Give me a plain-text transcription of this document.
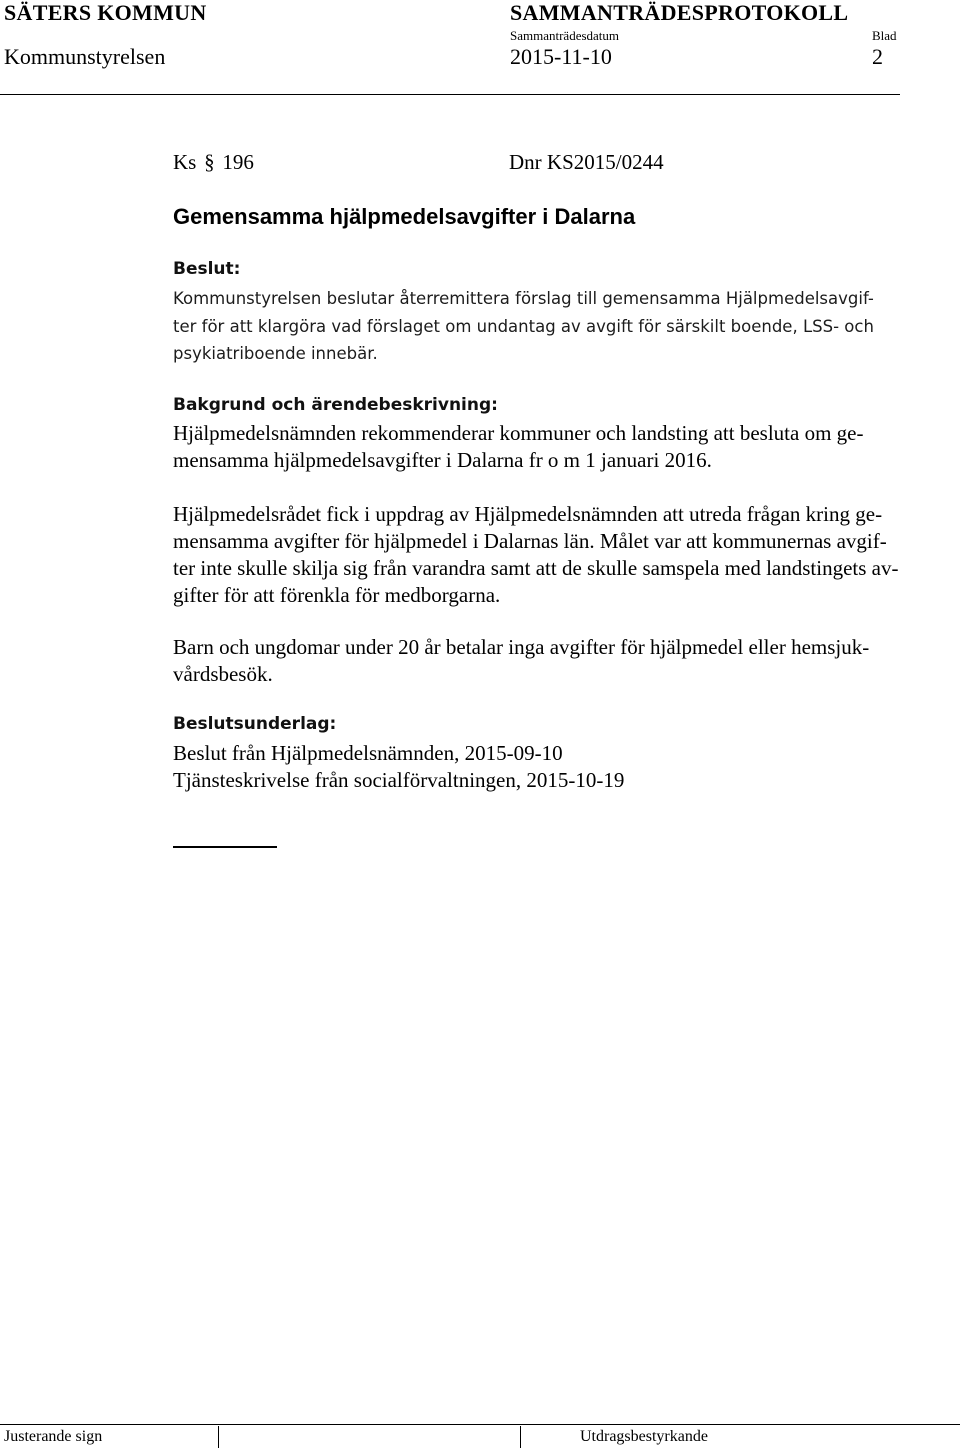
SÄTERS KOMMUN	SAMMANTRÄDESPROTOKOLL
Sammanträdesdatum	Blad
Kommunstyrelsen	2015-11-10	2
Ks § 196	Dnr KS2015/0244
Gemensamma hjälpmedelsavgifter i Dalarna
Beslut:
Kommunstyrelsen beslutar återremittera förslag till gemensamma Hjälpmedelsavgif-
ter för att klargöra vad förslaget om undantag av avgift för särskilt boende, LSS- och
psykiatriboende innebär.
Bakgrund och ärendebeskrivning:
Hjälpmedelsnämnden rekommenderar kommuner och landsting att besluta om ge-
mensamma hjälpmedelsavgifter i Dalarna fr o m 1 januari 2016.
Hjälpmedelsrådet fick i uppdrag av Hjälpmedelsnämnden att utreda frågan kring ge-
mensamma avgifter för hjälpmedel i Dalarnas län. Målet var att kommunernas avgif-
ter inte skulle skilja sig från varandra samt att de skulle samspela med landstingets av-
gifter för att förenkla för medborgarna.
Barn och ungdomar under 20 år betalar inga avgifter för hjälpmedel eller hemsjuk-
vårdsbesök.
Beslutsunderlag:
Beslut från Hjälpmedelsnämnden, 2015-09-10
Tjänsteskrivelse från socialförvaltningen, 2015-10-19
Justerande sign	Utdragsbestyrkande
